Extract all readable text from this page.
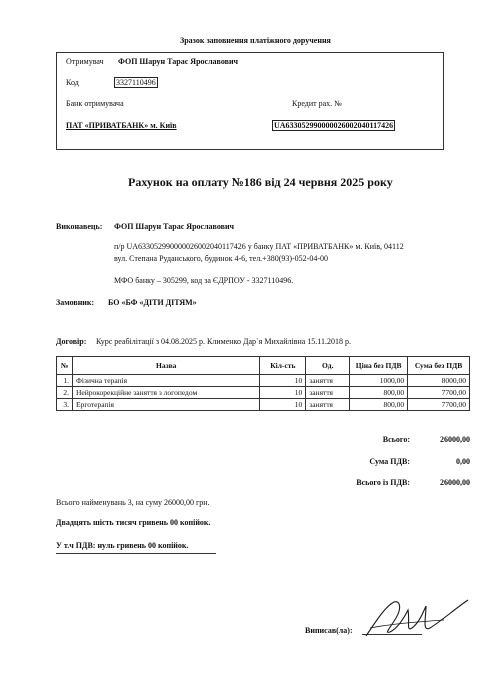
Зразок заповнення платіжного доручення
Отримувач ФОП Шарун Тарас Ярославович
Код	3327110496
Банк отримувача	Кредит рах. №
ПАТ «ПРИВАТБАНК» м. Київ	UA633052990000026002040117426
Рахунок на оплату №186 від 24 червня 2025 року
Виконавець: ФОП Шарун Тарас Ярославович
п/р UA633052990000026002040117426 у банку ПАТ «ПРИВАТБАНК» м. Київ, 04112
вул. Степана Руданського, будинок 4-6, тел.+380(93)-052-04-00
МФО банку – 305299, код за ЄДРПОУ - 3327110496.
Замовник: БО «БФ «ДІТИ ДІТЯМ»
Договір: Курс реабілітації з 04.08.2025 р. Клименко Дар`я Михайлівна 15.11.2018 р.
№	Назва	Кіл-сть	Од.	Ціна без ПДВ	Сума без ПДВ
1.	Фізична терапія	10	заняття	1000,00	8000,00
2.	Нейрокорекційне заняття з логопедом	10	заняття	800,00	7700,00
3.	Ерготерапія	10	заняття	800,00	7700,00
Всього:	26000,00
Сума ПДВ:	0,00
Всього із ПДВ:	26000,00
Всього найменувань 3, на суму 26000,00 грн.
Двадцять шість тисяч гривень 00 копійок.
У т.ч ПДВ: нуль гривень 00 копійок.
Виписав(ла):
